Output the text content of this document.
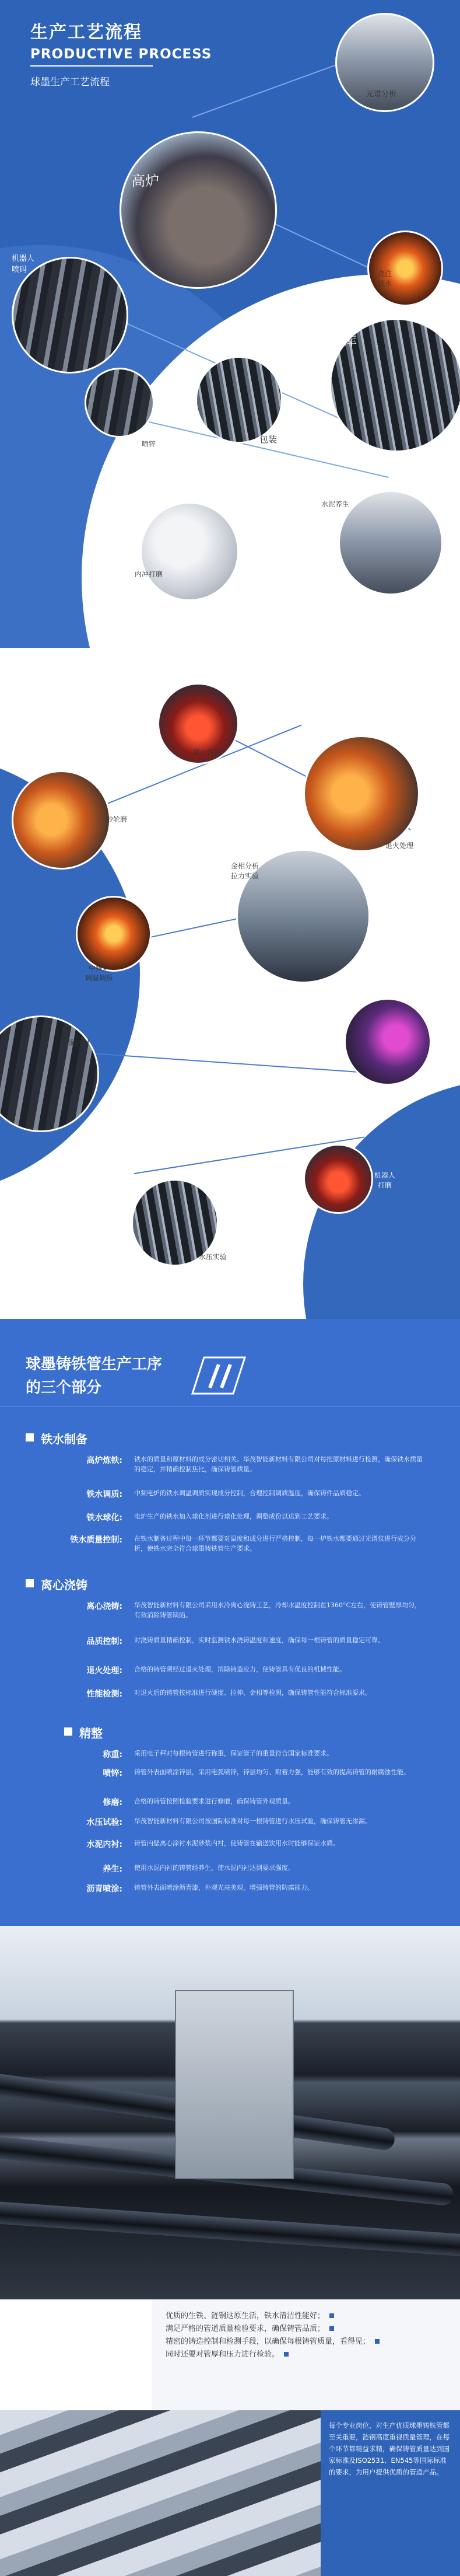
生产工艺流程
PRODUCTIVE PROCESS
球墨生产工艺流程
光谱分析
高炉
浇注
铁水
机器人
喷码
入库
喷锌	包装
内冲打磨
水泥养生
离心铸造
退火处理
砂轮磨
金相分析
拉力实验
中频炉
调温调质
砂轮磨
水泥内衬
机器人
打磨
水压实验
球墨铸铁管生产工序
的三个部分
铁水制备
高炉炼铁: 铁水的质量和原材料的成分密切相关。华茂智能新材料有限公司对每批原材料进行检测，确保铁水质量的稳定，并精确控制焦比，确保铸管质量。
铁水调质: 中频电炉的铁水调温调质实现成分控制，合理控制调质温度，确保铸件品质稳定。
铁水球化: 电炉生产的铁水加入球化剂进行球化处理，调整成份以达到工艺要求。
铁水质量控制: 在铁水制备过程中每一环节都要对温度和成分进行严格控制，每一炉铁水都要通过光谱仪进行成分分析，使铁水完全符合球墨铸铁管生产要求。
离心浇铸
离心浇铸: 华茂智能新材料有限公司采用水冷离心浇铸工艺，冷却水温度控制在1360°C左右，使铸管壁厚均匀，有效消除铸管缺陷。
品质控制: 对浇铸质量精确控制，实时监测铁水浇铸温度和速度，确保每一根铸管的质量稳定可靠。
退火处理: 合格的铸管须经过退火处理，消除铸造应力，使铸管具有优良的机械性能。
性能检测: 对退火后的铸管按标准进行硬度、拉伸、金相等检测，确保铸管性能符合标准要求。
精整
称重: 采用电子秤对每根铸管进行称重，保证管子的重量符合国家标准要求。
喷锌: 铸管外表面喷涂锌层，采用电弧喷锌，锌层均匀、附着力强，能够有效的提高铸管的耐腐蚀性能。
修磨: 合格的铸管按照检验要求进行修磨，确保铸管外观质量。
水压试验: 华茂智能新材料有限公司按国际标准对每一根铸管进行水压试验，确保铸管无渗漏。
水泥内衬: 铸管内壁离心涂衬水泥砂浆内衬，使铸管在输送饮用水时能够保证水质。
养生: 使用水泥内衬的铸管经养生，使水泥内衬达到要求强度。
沥青喷涂: 铸管外表面喷涂沥青漆，外观光亮美观，增强铸管的防腐能力。
优质的生铁、涟钢这原生活，铁水清洁性能好；
满足严格的管道质量检验要求，确保铸管品质；
精密的铸造控制和检测手段，以确保每根铸管质量，看得见；
同时还要对管厚和压力进行检验。
每个专业岗位，对生产优质球墨铸铁管都至关重要，涟钢高度重视质量管理，在每个环节都精益求精，确保铸管质量达到国家标准及ISO2531、EN545等国际标准的要求，为用户提供优质的管道产品。
